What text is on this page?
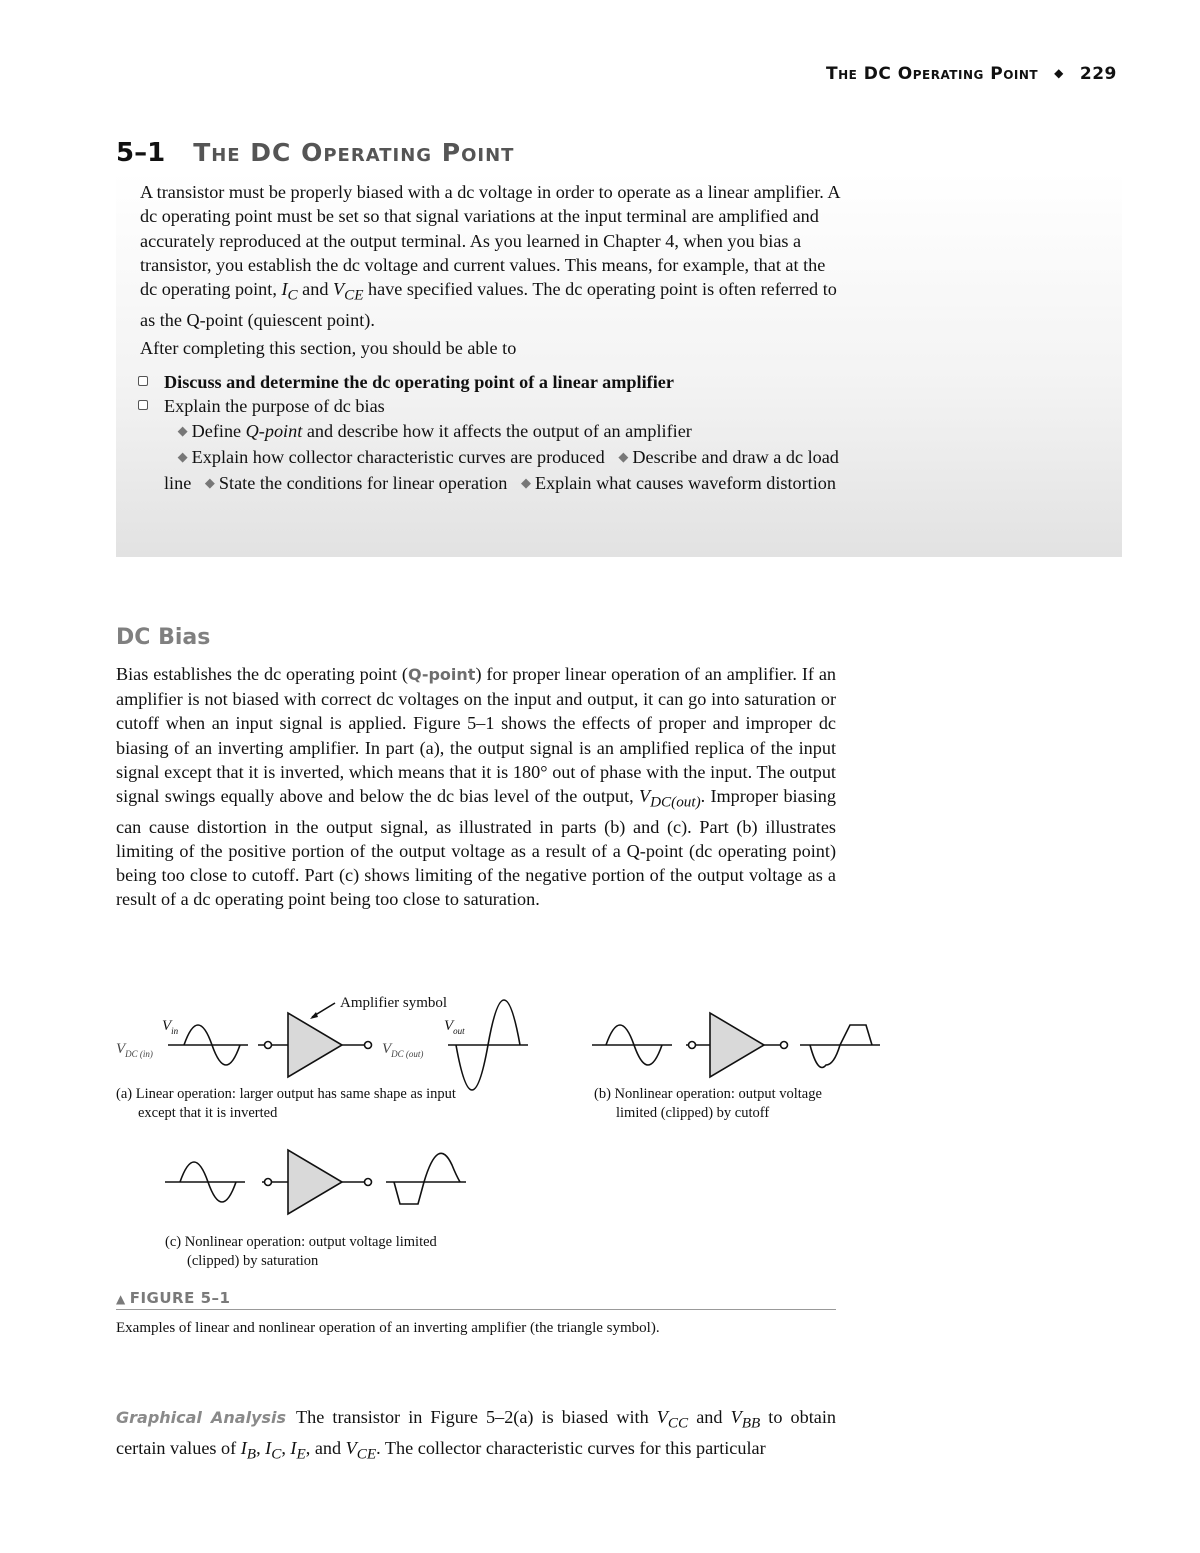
The DC Operating Point ◆ 229
5–1 The DC Operating Point

A transistor must be properly biased with a dc voltage in order to operate as a linear amplifier. A dc operating point must be set so that signal variations at the input terminal are amplified and accurately reproduced at the output terminal. As you learned in Chapter 4, when you bias a transistor, you establish the dc voltage and current values. This means, for example, that at the dc operating point, $I_C$ and $V_{CE}$ have specified values. The dc operating point is often referred to as the Q-point (quiescent point).

After completing this section, you should be able to

Discuss and determine the dc operating point of a linear amplifier
Explain the purpose of dc bias
◆ Define Q-point and describe how it affects the output of an amplifier
◆ Explain how collector characteristic curves are produced ◆ Describe and draw a dc load line ◆ State the conditions for linear operation ◆ Explain what causes waveform distortion
DC Bias

Bias establishes the dc operating point (Q-point) for proper linear operation of an amplifier. If an amplifier is not biased with correct dc voltages on the input and output, it can go into saturation or cutoff when an input signal is applied. Figure 5–1 shows the effects of proper and improper dc biasing of an inverting amplifier. In part (a), the output signal is an amplified replica of the input signal except that it is inverted, which means that it is 180° out of phase with the input. The output signal swings equally above and below the dc bias level of the output, $V_{DC(out)}$. Improper biasing can cause distortion in the output signal, as illustrated in parts (b) and (c). Part (b) illustrates limiting of the positive portion of the output voltage as a result of a Q-point (dc operating point) being too close to cutoff. Part (c) shows limiting of the negative portion of the output voltage as a result of a dc operating point being too close to saturation.

Amplifier symbol
$V_{in}$	$V_{out}$
$V_{DC (in)}$	$V_{DC (out)}$
(a) Linear operation: larger output has same shape as input
except that it is inverted
(b) Nonlinear operation: output voltage
limited (clipped) by cutoff
(c) Nonlinear operation: output voltage limited
(clipped) by saturation
▲ FIGURE 5–1
Examples of linear and nonlinear operation of an inverting amplifier (the triangle symbol).

Graphical Analysis The transistor in Figure 5–2(a) is biased with $V_{CC}$ and $V_{BB}$ to obtain certain values of $I_B$, $I_C$, $I_E$, and $V_{CE}$. The collector characteristic curves for this particular
